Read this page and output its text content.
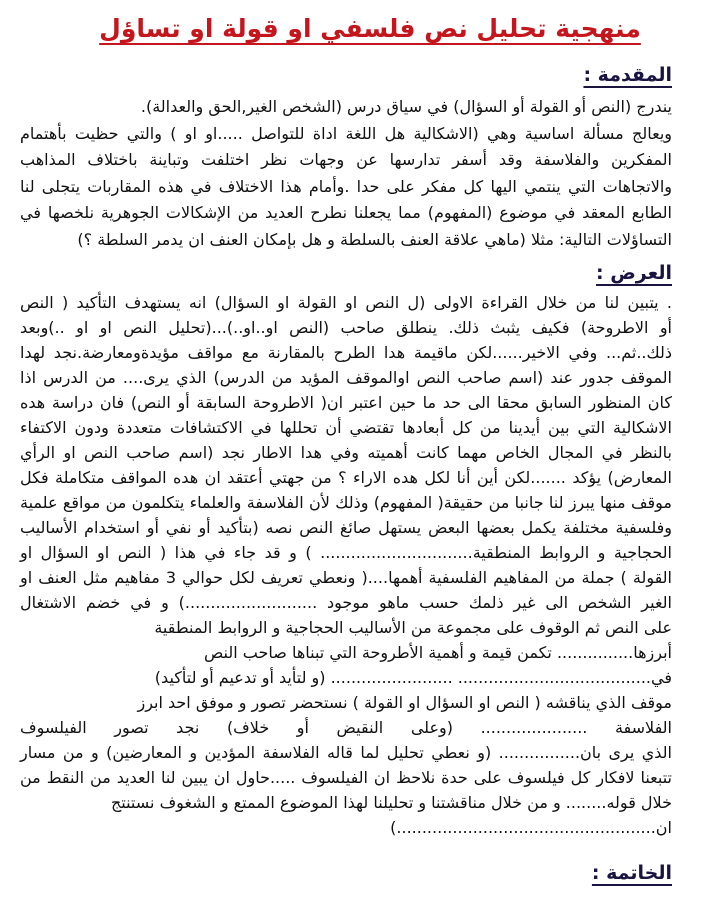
منهجية تحليل نص فلسفي او قولة او تساؤل
المقدمة :
يندرج (النص أو القولة أو السؤال) في سياق درس (الشخص الغير,الحق والعدالة).
ويعالج مسألة اساسية وهي (الاشكالية هل اللغة اداة للتواصل .....او او ) والتي حظيت بأهتمام
المفكرين والفلاسفة وقد أسفر تدارسها عن وجهات نظر اختلفت وتباينة باختلاف المذاهب
والاتجاهات التي ينتمي اليها كل مفكر على حدا .وأمام هذا الاختلاف في هذه المقاربات يتجلى لنا
الطابع المعقد في موضوع (المفهوم) مما يجعلنا نطرح العديد من الإشكالات الجوهرية نلخصها في
التساؤلات التالية: مثلا (ماهي علاقة العنف بالسلطة و هل بإمكان العنف ان يدمر السلطة ؟)
العرض :
. يتبين لنا من خلال القراءة الاولى (ل النص او القولة او السؤال) انه يستهدف التأكيد ( النص
أو الاطروحة) فكيف يثبث ذلك. ينطلق صاحب (النص او..او..)...(تحليل النص او او ..)وبعد
ذلك..ثم... وفي الاخير......لكن ماقيمة هدا الطرح بالمقارنة مع مواقف مؤيدةومعارضة.نجد لهدا
الموقف جدور عند (اسم صاحب النص اوالموقف المؤيد من الدرس) الذي يرى.... من الدرس اذا
كان المنظور السابق محقا الى حد ما حين اعتبر ان( الاطروحة السابقة أو النص) فان دراسة هده
الاشكالية التي بين أيدينا من كل أبعادها تقتضي أن تحللها في الاكتشافات متعددة ودون الاكتفاء
بالنظر في المجال الخاص مهما كانت أهميته وفي هدا الاطار نجد (اسم صاحب النص او الرأي
المعارض) يؤكد .......لكن أين أنا لكل هده الاراء ؟ من جهتي أعتقد ان هده المواقف متكاملة فكل
موقف منها يبرز لنا جانبا من حقيقة( المفهوم) وذلك لأن الفلاسفة والعلماء يتكلمون من مواقع علمية
وفلسفية مختلفة يكمل بعضها البعض يستهل صائغ النص نصه (بتأكيد أو نفي أو استخدام الأساليب
الحجاجية و الروابط المنطقية.............................. ) و قد جاء في هذا ( النص او السؤال او
القولة ) جملة من المفاهيم الفلسفية أهمها....( ونعطي تعريف لكل حوالي 3 مفاهيم مثل العنف او
الغير الشخص الى غير ذلمك حسب ماهو موجود ..........................) و في خضم الاشتغال
على النص ثم الوقوف على مجموعة من الأساليب الحجاجية و الروابط المنطقية
أبرزها............... تكمن قيمة و أهمية الأطروحة التي تبناها صاحب النص
في...................................... ........................ (و لتأيد أو تدعيم أو لتأكيد)
موقف الذي يناقشه ( النص او السؤال او القولة ) نستحضر تصور و موفق احد ابرز
الفلاسفة ..................... (وعلى النقيض أو خلاف) نجد تصور الفيلسوف
الذي يرى بان................ (و نعطي تحليل لما قاله الفلاسفة المؤدين و المعارضين) و من مسار
تتبعنا لافكار كل فيلسوف على حدة نلاحظ ان الفيلسوف .....حاول ان يبين لنا العديد من النقط من
خلال قوله........ و من خلال مناقشتنا و تحليلنا لهذا الموضوع الممتع و الشغوف نستنتج
ان...................................................)
الخاتمة :
